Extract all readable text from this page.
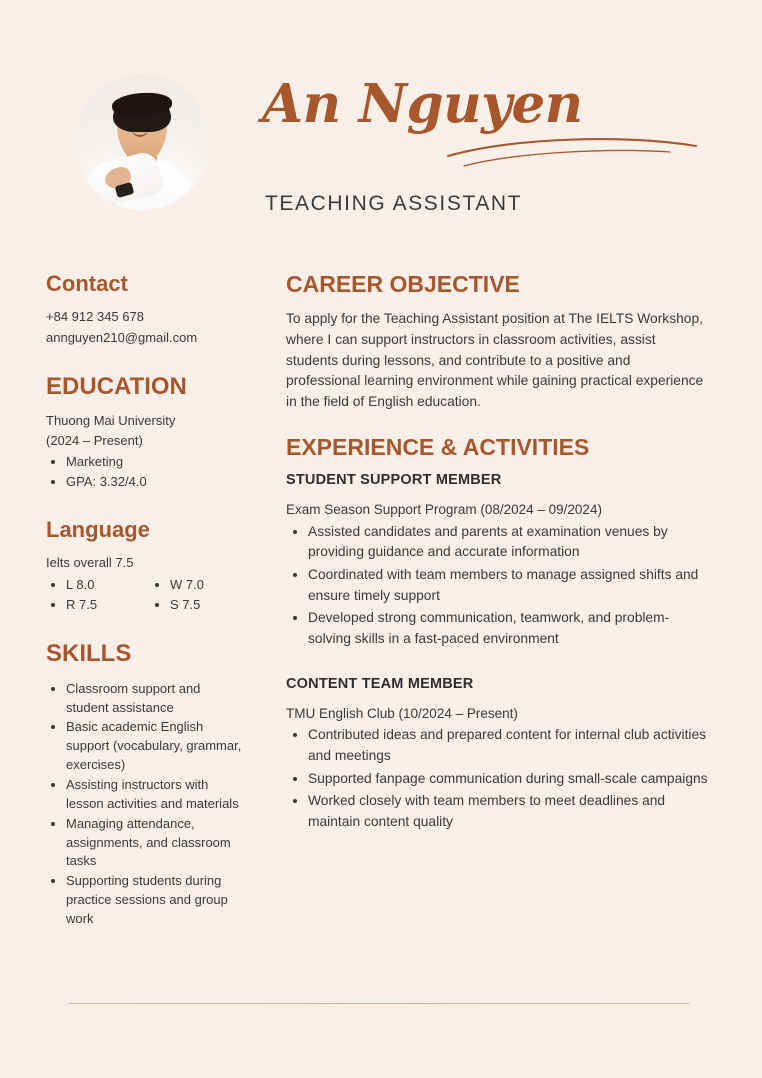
An Nguyen
TEACHING ASSISTANT
Contact
+84 912 345 678
annguyen210@gmail.com
EDUCATION
Thuong Mai University
(2024 – Present)
• Marketing
• GPA: 3.32/4.0
Language
Ielts overall 7.5
• L 8.0
• R 7.5
• W 7.0
• S 7.5
SKILLS
• Classroom support and student assistance
• Basic academic English support (vocabulary, grammar, exercises)
• Assisting instructors with lesson activities and materials
• Managing attendance, assignments, and classroom tasks
• Supporting students during practice sessions and group work
CAREER OBJECTIVE

To apply for the Teaching Assistant position at The IELTS Workshop, where I can support instructors in classroom activities, assist students during lessons, and contribute to a positive and professional learning environment while gaining practical experience in the field of English education.

EXPERIENCE & ACTIVITIES
STUDENT SUPPORT MEMBER
Exam Season Support Program (08/2024 – 09/2024)
• Assisted candidates and parents at examination venues by providing guidance and accurate information
• Coordinated with team members to manage assigned shifts and ensure timely support
• Developed strong communication, teamwork, and problem-solving skills in a fast-paced environment
CONTENT TEAM MEMBER
TMU English Club (10/2024 – Present)
• Contributed ideas and prepared content for internal club activities and meetings
• Supported fanpage communication during small-scale campaigns
• Worked closely with team members to meet deadlines and maintain content quality
